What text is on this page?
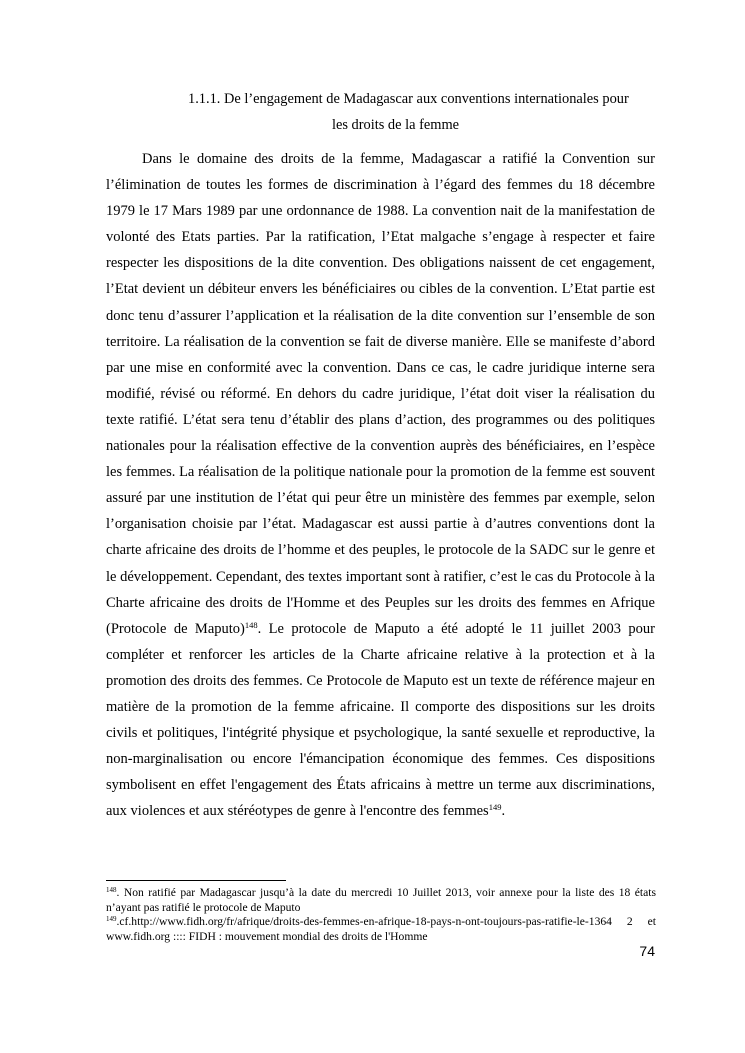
1.1.1. De l’engagement de Madagascar aux conventions internationales pour
les droits de la femme

Dans le domaine des droits de la femme, Madagascar a ratifié la Convention sur l’élimination de toutes les formes de discrimination à l’égard des femmes du 18 décembre 1979 le 17 Mars 1989 par une ordonnance de 1988. La convention nait de la manifestation de volonté des Etats parties. Par la ratification, l’Etat malgache s’engage à respecter et faire respecter les dispositions de la dite convention. Des obligations naissent de cet engagement, l’Etat devient un débiteur envers les bénéficiaires ou cibles de la convention. L’Etat partie est donc tenu d’assurer l’application et la réalisation de la dite convention sur l’ensemble de son territoire. La réalisation de la convention se fait de diverse manière. Elle se manifeste d’abord par une mise en conformité avec la convention. Dans ce cas, le cadre juridique interne sera modifié, révisé ou réformé. En dehors du cadre juridique, l’état doit viser la réalisation du texte ratifié. L’état sera tenu d’établir des plans d’action, des programmes ou des politiques nationales pour la réalisation effective de la convention auprès des bénéficiaires, en l’espèce les femmes. La réalisation de la politique nationale pour la promotion de la femme est souvent assuré par une institution de l’état qui peur être un ministère des femmes par exemple, selon l’organisation choisie par l’état. Madagascar est aussi partie à d’autres conventions dont la charte africaine des droits de l’homme et des peuples, le protocole de la SADC sur le genre et le développement. Cependant, des textes important sont à ratifier, c’est le cas du Protocole à la Charte africaine des droits de l'Homme et des Peuples sur les droits des femmes en Afrique (Protocole de Maputo)$^{148}$. Le protocole de Maputo a été adopté le 11 juillet 2003 pour compléter et renforcer les articles de la Charte africaine relative à la protection et à la promotion des droits des femmes. Ce Protocole de Maputo est un texte de référence majeur en matière de la promotion de la femme africaine. Il comporte des dispositions sur les droits civils et politiques, l'intégrité physique et psychologique, la santé sexuelle et reproductive, la non-marginalisation ou encore l'émancipation économique des femmes. Ces dispositions symbolisent en effet l'engagement des États africains à mettre un terme aux discriminations, aux violences et aux stéréotypes de genre à l'encontre des femmes$^{149}$.

$^{148}$. Non ratifié par Madagascar jusqu’à la date du mercredi 10 Juillet 2013, voir annexe pour la liste des 18 états n’ayant pas ratifié le protocole de Maputo

$^{149}$.cf.http://www.fidh.org/fr/afrique/droits-des-femmes-en-afrique-18-pays-n-ont-toujours-pas-ratifie-le-1364 2 et www.fidh.org :::: FIDH : mouvement mondial des droits de l'Homme

74
